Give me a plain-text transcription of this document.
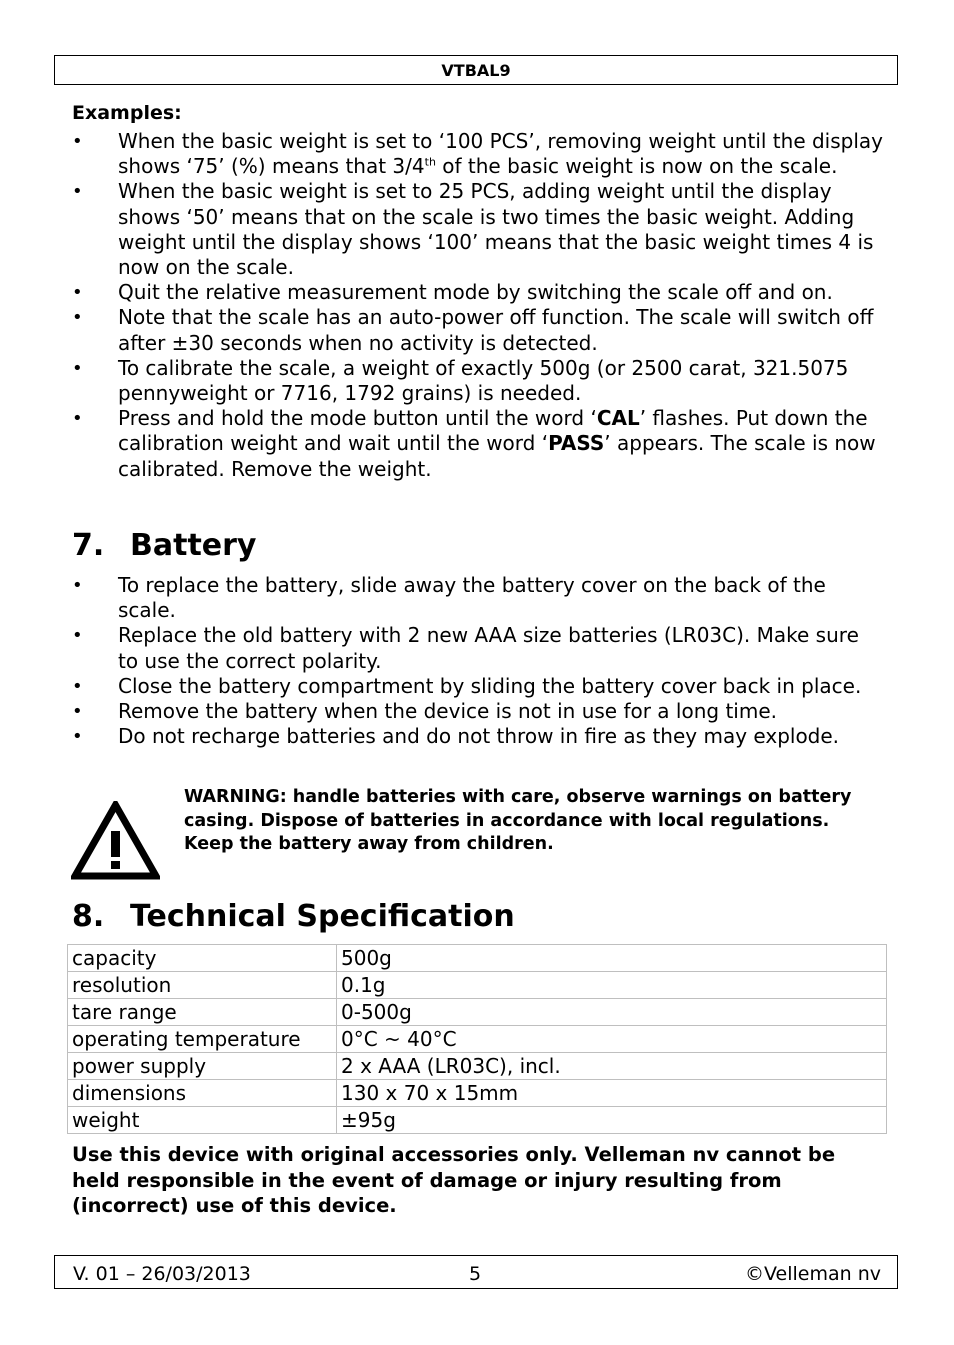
VTBAL9
Examples:
• When the basic weight is set to ‘100 PCS’, removing weight until the display shows ‘75’ (%) means that 3/4th of the basic weight is now on the scale.
• When the basic weight is set to 25 PCS, adding weight until the display shows ‘50’ means that on the scale is two times the basic weight. Adding weight until the display shows ‘100’ means that the basic weight times 4 is now on the scale.
• Quit the relative measurement mode by switching the scale off and on.
• Note that the scale has an auto-power off function. The scale will switch off after ±30 seconds when no activity is detected.
• To calibrate the scale, a weight of exactly 500g (or 2500 carat, 321.5075 pennyweight or 7716, 1792 grains) is needed.
• Press and hold the mode button until the word ‘CAL’ flashes. Put down the calibration weight and wait until the word ‘PASS’ appears. The scale is now calibrated. Remove the weight.
7. Battery
• To replace the battery, slide away the battery cover on the back of the scale.
• Replace the old battery with 2 new AAA size batteries (LR03C). Make sure to use the correct polarity.
• Close the battery compartment by sliding the battery cover back in place.
• Remove the battery when the device is not in use for a long time.
• Do not recharge batteries and do not throw in fire as they may explode.
WARNING: handle batteries with care, observe warnings on battery casing. Dispose of batteries in accordance with local regulations.
Keep the battery away from children.
8. Technical Specification
capacity	500g
resolution	0.1g
tare range	0-500g
operating temperature	0°C ~ 40°C
power supply	2 x AAA (LR03C), incl.
dimensions	130 x 70 x 15mm
weight	±95g
Use this device with original accessories only. Velleman nv cannot be held responsible in the event of damage or injury resulting from (incorrect) use of this device.
V. 01 – 26/03/2013	5	©Velleman nv
